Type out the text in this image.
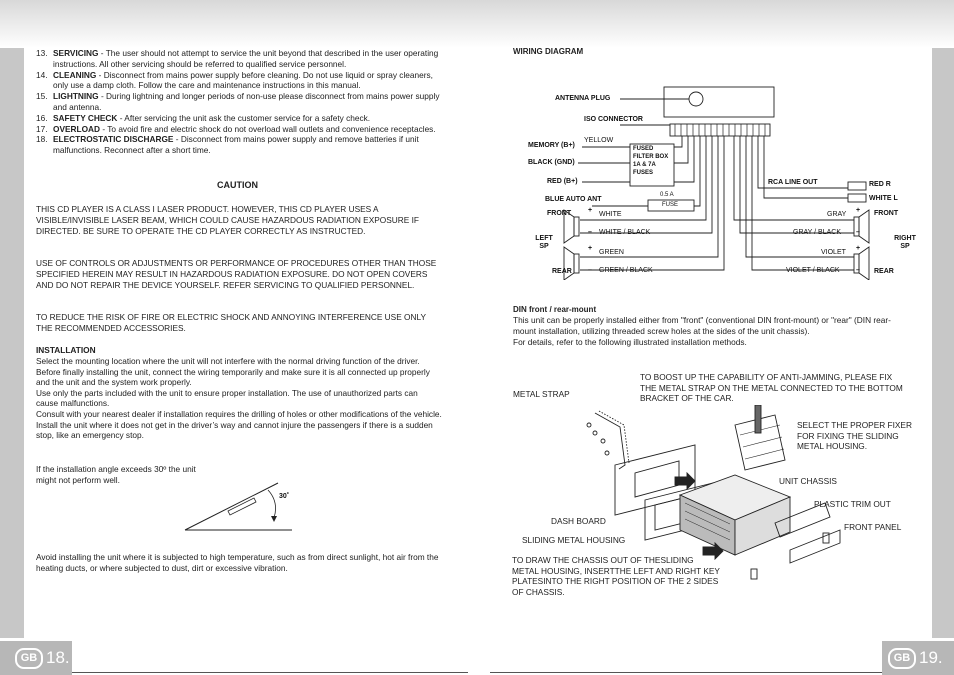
13. SERVICING - The user should not attempt to service the unit beyond that described in the user operating instructions. All other servicing should be referred to qualified service personnel.
14. CLEANING - Disconnect from mains power supply before cleaning. Do not use liquid or spray cleaners, only use a damp cloth. Follow the care and maintenance instructions in this manual.
15. LIGHTNING - During lightning and longer periods of non-use please disconnect from mains power supply and antenna.
16. SAFETY CHECK - After servicing the unit ask the customer service for a safety check.
17. OVERLOAD - To avoid fire and electric shock do not overload wall outlets and convenience receptacles.
18. ELECTROSTATIC DISCHARGE - Disconnect from mains power supply and remove batteries if unit malfunctions. Reconnect after a short time.
CAUTION
THIS CD PLAYER IS A CLASS I LASER PRODUCT. HOWEVER, THIS CD PLAYER USES A VISIBLE/INVISIBLE LASER BEAM, WHICH COULD CAUSE HAZARDOUS RADIATION EXPOSURE IF DIRECTED. BE SURE TO OPERATE THE CD PLAYER CORRECTLY AS INSTRUCTED.
USE OF CONTROLS OR ADJUSTMENTS OR PERFORMANCE OF PROCEDURES OTHER THAN THOSE SPECIFIED HEREIN MAY RESULT IN HAZARDOUS RADIATION EXPOSURE. DO NOT OPEN COVERS AND DO NOT REPAIR THE DEVICE YOURSELF. REFER SERVICING TO QUALIFIED PERSONNEL.
TO REDUCE THE RISK OF FIRE OR ELECTRIC SHOCK AND ANNOYING INTERFERENCE USE ONLY THE RECOMMENDED ACCESSORIES.
INSTALLATION
Select the mounting location where the unit will not interfere with the normal driving function of the driver.
Before finally installing the unit, connect the wiring temporarily and make sure it is all connected up properly and the unit and the system work properly.
Use only the parts included with the unit to ensure proper installation. The use of unauthorized parts can cause malfunctions.
Consult with your nearest dealer if installation requires the drilling of holes or other modifications of the vehicle.
Install the unit where it does not get in the driver’s way and cannot injure the passengers if there is a sudden stop, like an emergency stop.
If the installation angle exceeds 30º the unit might not perform well.
30˚
Avoid installing the unit where it is subjected to high temperature, such as from direct sunlight, hot air from the heating ducts, or where subjected to dust, dirt or excessive vibration.
GB 18.
WIRING DIAGRAM
ANTENNA PLUG
ISO CONNECTOR
MEMORY (B+)
YELLOW
BLACK (GND)
RED (B+)
FUSED FILTER BOX 1A & 7A FUSES
BLUE AUTO ANT
0.5 A
FUSE
RCA LINE OUT	RED R
WHITE L
FRONT	WHITE	GRAY	FRONT
LEFT SP
WHITE / BLACK	GRAY / BLACK
RIGHT SP
GREEN	VIOLET
REAR	GREEN / BLACK	VIOLET / BLACK	REAR
+
–
+
–
+
–
+
–
DIN front / rear-mount
This unit can be properly installed either from "front" (conventional DIN front-mount) or "rear" (DIN rear-mount installation, utilizing threaded screw holes at the sides of the unit chassis).
For details, refer to the following illustrated installation methods.
TO BOOST UP THE CAPABILITY OF ANTI-JAMMING, PLEASE FIX THE METAL STRAP ON THE METAL CONNECTED TO THE BOTTOM BRACKET OF THE CAR.
METAL STRAP
SELECT THE PROPER FIXER FOR FIXING THE SLIDING METAL HOUSING.
UNIT CHASSIS
PLASTIC TRIM OUT
DASH BOARD
FRONT PANEL
SLIDING METAL HOUSING
TO DRAW THE CHASSIS OUT OF THESLIDING METAL HOUSING, INSERTTHE LEFT AND RIGHT KEY PLATESINTO THE RIGHT POSITION OF THE 2 SIDES OF CHASSIS.
GB 19.
